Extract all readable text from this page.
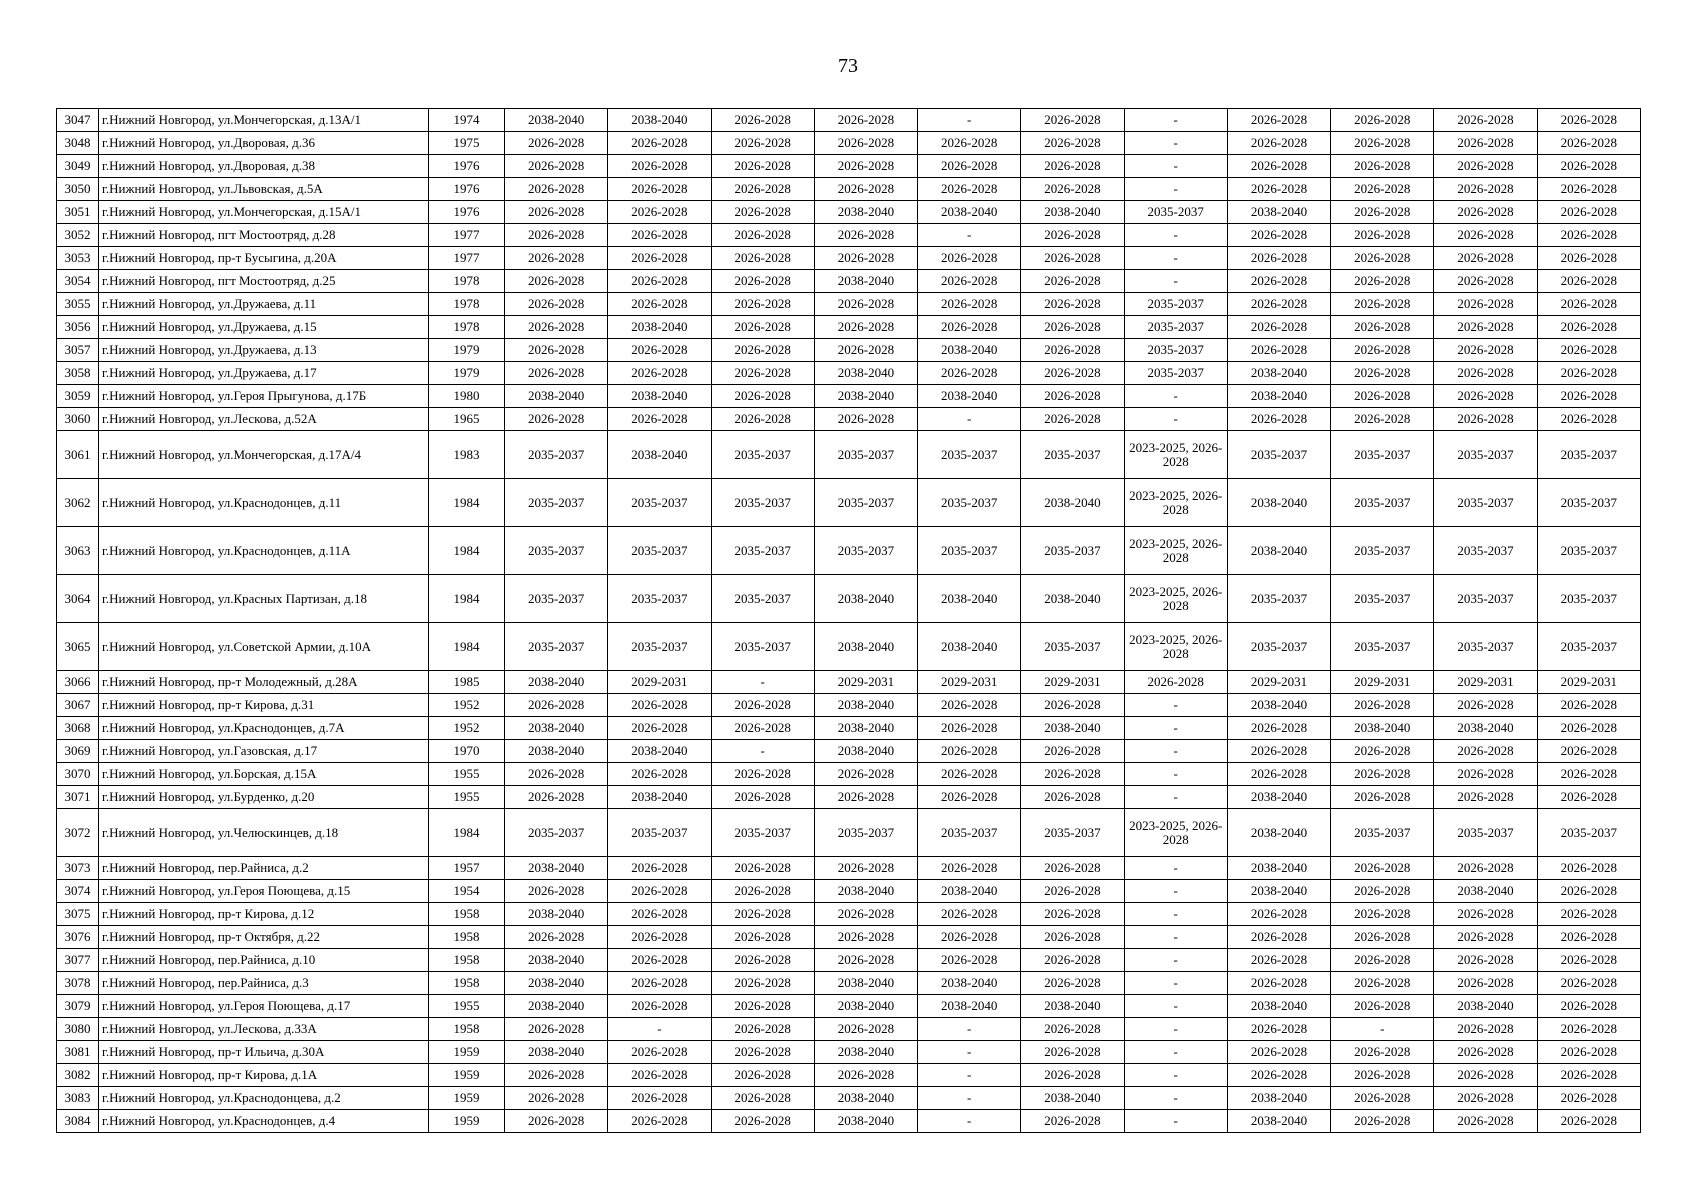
73
3047	г.Нижний Новгород, ул.Мончегорская, д.13А/1	1974	2038-2040	2038-2040	2026-2028	2026-2028	-	2026-2028	-	2026-2028	2026-2028	2026-2028	2026-2028
3048	г.Нижний Новгород, ул.Дворовая, д.36	1975	2026-2028	2026-2028	2026-2028	2026-2028	2026-2028	2026-2028	-	2026-2028	2026-2028	2026-2028	2026-2028
3049	г.Нижний Новгород, ул.Дворовая, д.38	1976	2026-2028	2026-2028	2026-2028	2026-2028	2026-2028	2026-2028	-	2026-2028	2026-2028	2026-2028	2026-2028
3050	г.Нижний Новгород, ул.Львовская, д.5А	1976	2026-2028	2026-2028	2026-2028	2026-2028	2026-2028	2026-2028	-	2026-2028	2026-2028	2026-2028	2026-2028
3051	г.Нижний Новгород, ул.Мончегорская, д.15А/1	1976	2026-2028	2026-2028	2026-2028	2038-2040	2038-2040	2038-2040	2035-2037	2038-2040	2026-2028	2026-2028	2026-2028
3052	г.Нижний Новгород, пгт Мостоотряд, д.28	1977	2026-2028	2026-2028	2026-2028	2026-2028	-	2026-2028	-	2026-2028	2026-2028	2026-2028	2026-2028
3053	г.Нижний Новгород, пр-т Бусыгина, д.20А	1977	2026-2028	2026-2028	2026-2028	2026-2028	2026-2028	2026-2028	-	2026-2028	2026-2028	2026-2028	2026-2028
3054	г.Нижний Новгород, пгт Мостоотряд, д.25	1978	2026-2028	2026-2028	2026-2028	2038-2040	2026-2028	2026-2028	-	2026-2028	2026-2028	2026-2028	2026-2028
3055	г.Нижний Новгород, ул.Дружаева, д.11	1978	2026-2028	2026-2028	2026-2028	2026-2028	2026-2028	2026-2028	2035-2037	2026-2028	2026-2028	2026-2028	2026-2028
3056	г.Нижний Новгород, ул.Дружаева, д.15	1978	2026-2028	2038-2040	2026-2028	2026-2028	2026-2028	2026-2028	2035-2037	2026-2028	2026-2028	2026-2028	2026-2028
3057	г.Нижний Новгород, ул.Дружаева, д.13	1979	2026-2028	2026-2028	2026-2028	2026-2028	2038-2040	2026-2028	2035-2037	2026-2028	2026-2028	2026-2028	2026-2028
3058	г.Нижний Новгород, ул.Дружаева, д.17	1979	2026-2028	2026-2028	2026-2028	2038-2040	2026-2028	2026-2028	2035-2037	2038-2040	2026-2028	2026-2028	2026-2028
3059	г.Нижний Новгород, ул.Героя Прыгунова, д.17Б	1980	2038-2040	2038-2040	2026-2028	2038-2040	2038-2040	2026-2028	-	2038-2040	2026-2028	2026-2028	2026-2028
3060	г.Нижний Новгород, ул.Лескова, д.52А	1965	2026-2028	2026-2028	2026-2028	2026-2028	-	2026-2028	-	2026-2028	2026-2028	2026-2028	2026-2028
3061	г.Нижний Новгород, ул.Мончегорская, д.17А/4	1983	2035-2037	2038-2040	2035-2037	2035-2037	2035-2037	2035-2037	2023-2025, 2026-2028	2035-2037	2035-2037	2035-2037	2035-2037
3062	г.Нижний Новгород, ул.Краснодонцев, д.11	1984	2035-2037	2035-2037	2035-2037	2035-2037	2035-2037	2038-2040	2023-2025, 2026-2028	2038-2040	2035-2037	2035-2037	2035-2037
3063	г.Нижний Новгород, ул.Краснодонцев, д.11А	1984	2035-2037	2035-2037	2035-2037	2035-2037	2035-2037	2035-2037	2023-2025, 2026-2028	2038-2040	2035-2037	2035-2037	2035-2037
3064	г.Нижний Новгород, ул.Красных Партизан, д.18	1984	2035-2037	2035-2037	2035-2037	2038-2040	2038-2040	2038-2040	2023-2025, 2026-2028	2035-2037	2035-2037	2035-2037	2035-2037
3065	г.Нижний Новгород, ул.Советской Армии, д.10А	1984	2035-2037	2035-2037	2035-2037	2038-2040	2038-2040	2035-2037	2023-2025, 2026-2028	2035-2037	2035-2037	2035-2037	2035-2037
3066	г.Нижний Новгород, пр-т Молодежный, д.28А	1985	2038-2040	2029-2031	-	2029-2031	2029-2031	2029-2031	2026-2028	2029-2031	2029-2031	2029-2031	2029-2031
3067	г.Нижний Новгород, пр-т Кирова, д.31	1952	2026-2028	2026-2028	2026-2028	2038-2040	2026-2028	2026-2028	-	2038-2040	2026-2028	2026-2028	2026-2028
3068	г.Нижний Новгород, ул.Краснодонцев, д.7А	1952	2038-2040	2026-2028	2026-2028	2038-2040	2026-2028	2038-2040	-	2026-2028	2038-2040	2038-2040	2026-2028
3069	г.Нижний Новгород, ул.Газовская, д.17	1970	2038-2040	2038-2040	-	2038-2040	2026-2028	2026-2028	-	2026-2028	2026-2028	2026-2028	2026-2028
3070	г.Нижний Новгород, ул.Борская, д.15А	1955	2026-2028	2026-2028	2026-2028	2026-2028	2026-2028	2026-2028	-	2026-2028	2026-2028	2026-2028	2026-2028
3071	г.Нижний Новгород, ул.Бурденко, д.20	1955	2026-2028	2038-2040	2026-2028	2026-2028	2026-2028	2026-2028	-	2038-2040	2026-2028	2026-2028	2026-2028
3072	г.Нижний Новгород, ул.Челюскинцев, д.18	1984	2035-2037	2035-2037	2035-2037	2035-2037	2035-2037	2035-2037	2023-2025, 2026-2028	2038-2040	2035-2037	2035-2037	2035-2037
3073	г.Нижний Новгород, пер.Райниса, д.2	1957	2038-2040	2026-2028	2026-2028	2026-2028	2026-2028	2026-2028	-	2038-2040	2026-2028	2026-2028	2026-2028
3074	г.Нижний Новгород, ул.Героя Поющева, д.15	1954	2026-2028	2026-2028	2026-2028	2038-2040	2038-2040	2026-2028	-	2038-2040	2026-2028	2038-2040	2026-2028
3075	г.Нижний Новгород, пр-т Кирова, д.12	1958	2038-2040	2026-2028	2026-2028	2026-2028	2026-2028	2026-2028	-	2026-2028	2026-2028	2026-2028	2026-2028
3076	г.Нижний Новгород, пр-т Октября, д.22	1958	2026-2028	2026-2028	2026-2028	2026-2028	2026-2028	2026-2028	-	2026-2028	2026-2028	2026-2028	2026-2028
3077	г.Нижний Новгород, пер.Райниса, д.10	1958	2038-2040	2026-2028	2026-2028	2026-2028	2026-2028	2026-2028	-	2026-2028	2026-2028	2026-2028	2026-2028
3078	г.Нижний Новгород, пер.Райниса, д.3	1958	2038-2040	2026-2028	2026-2028	2038-2040	2038-2040	2026-2028	-	2026-2028	2026-2028	2026-2028	2026-2028
3079	г.Нижний Новгород, ул.Героя Поющева, д.17	1955	2038-2040	2026-2028	2026-2028	2038-2040	2038-2040	2038-2040	-	2038-2040	2026-2028	2038-2040	2026-2028
3080	г.Нижний Новгород, ул.Лескова, д.33А	1958	2026-2028	-	2026-2028	2026-2028	-	2026-2028	-	2026-2028	-	2026-2028	2026-2028
3081	г.Нижний Новгород, пр-т Ильича, д.30А	1959	2038-2040	2026-2028	2026-2028	2038-2040	-	2026-2028	-	2026-2028	2026-2028	2026-2028	2026-2028
3082	г.Нижний Новгород, пр-т Кирова, д.1А	1959	2026-2028	2026-2028	2026-2028	2026-2028	-	2026-2028	-	2026-2028	2026-2028	2026-2028	2026-2028
3083	г.Нижний Новгород, ул.Краснодонцева, д.2	1959	2026-2028	2026-2028	2026-2028	2038-2040	-	2038-2040	-	2038-2040	2026-2028	2026-2028	2026-2028
3084	г.Нижний Новгород, ул.Краснодонцев, д.4	1959	2026-2028	2026-2028	2026-2028	2038-2040	-	2026-2028	-	2038-2040	2026-2028	2026-2028	2026-2028
